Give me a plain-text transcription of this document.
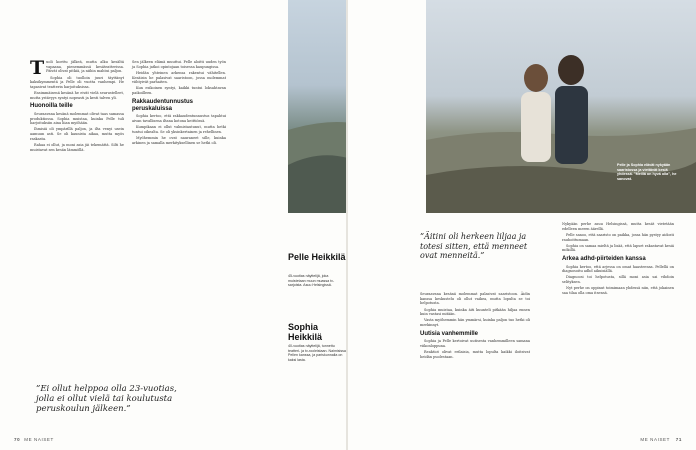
Tuoli koettu jälkeä, mutta alku kesältä vapaana, pienemmässä kesäteatterissa. Päivät olivat pitkiä, ja niihin mahtui paljon.

Sophia oli tuolloin juuri täyttänyt kaksikymmentä ja Pelle oli vuotta vanhempi. He tapasivat teatterin harjoituksissa.

Ensimmäisenä kesänä he eivät vielä seurustelleet, mutta ystävyys syntyi nopeasti ja kesti talven yli.

Huonoilla teille

Seuraavana kesänä molemmat olivat taas samassa produktiossa. Sophia muistaa, kuinka Pelle tuli harjoituksiin aina liian myöhään.

Ihmisiä oli ympärillä paljon, ja ilta venyi usein aamuun asti. Se oli kaunista aikaa, mutta myös raskasta.

Rahaa ei ollut, ja moni asia jäi tekemättä. Silti he muistavat sen kesän lämmöllä.

Sen jälkeen elämä muuttui. Pelle aloitti uuden työn ja Sophia jatkoi opintojaan toisessa kaupungissa.

Heidän yhteinen arkensa rakentui vähitellen. Kesäisin he palasivat saaristoon, jossa molemmat viihtyivät parhaiten.

Kun esikoinen syntyi, kaikki tuntui loksahtavan paikoilleen.

Rakkaudentunnustus peruskaluissa

Sophia kertoo, että rakkaudentunnustus tapahtui aivan tavallisena iltana kotona keittiössä.

Kumpikaan ei ollut valmistautunut, mutta hetki tuntui oikealta. Se oli yksinkertainen ja rehellinen.

Myöhemmin he ovat nauraneet sille, kuinka arkinen ja samalla merkityksellinen se hetki oli.

”Ei ollut helppoa olla 23-vuotias, jolla ei ollut vielä tai koulutusta peruskoulun jälkeen.”
70 ME NAISET
Pelle ja Sophia elävät nykyään saaristossa ja viettävät kesiä yhdessä. ”Meillä on hyvä olla”, he sanovat.
Pelle Heikkilä
45-vuotias näyttelijä, joka muistetaan muun muassa tv-sarjoista. Asuu Helsingissä.
Sophia Heikkilä
40-vuotias näyttelijä, tunnettu teatteri- ja tv-rooleistaan. Naimisissa Pellen kanssa, ja pariskunnalla on kaksi lasta.
”Äitini oli herkeen liljaa ja totesi sitten, että menneet ovat menneitä.”

Seuraavana kesänä molemmat palasivat saaristoon. Äidin kanssa keskustelu oli ollut vaikea, mutta lopulta se toi helpotusta.

Sophia muistaa, kuinka äiti kuunteli pitkään hiljaa ennen kuin vastasi mitään.

Vasta myöhemmin hän ymmärsi, kuinka paljon tuo hetki oli merkinnyt.

Uutisia vanhemmille

Sophia ja Pelle kertoivat uutisesta vanhemmilleen samana viikonloppuna.

Reaktiot olivat erilaisia, mutta lopulta kaikki iloitsivat heidän puolestaan.

Nykyään perhe asuu Helsingissä, mutta kesät vietetään edelleen meren äärellä.

Pelle sanoo, että saaristo on paikka, jossa hän pystyy aidosti rauhoittumaan.

Sophia on samaa mieltä ja lisää, että lapset rakastavat kesiä mökillä.

Arkea adhd-piirteiden kanssa

Sophia kertoo, että arjessa on omat haasteensa. Pellellä on diagnosoitu adhd aikuisiällä.

Diagnoosi toi helpotusta, sillä moni asia sai vihdoin selityksen.

Nyt perhe on oppinut toimimaan yhdessä niin, että jokainen saa tilaa olla oma itsensä.

ME NAISET 71
